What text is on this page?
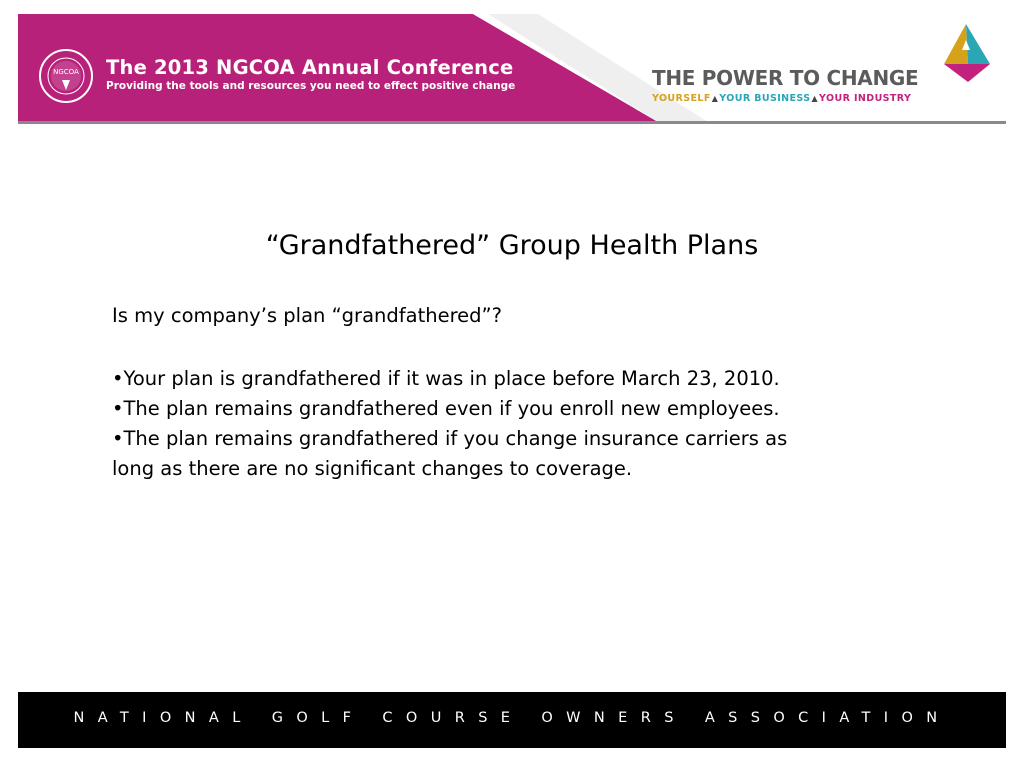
NGCOA The 2013 NGCOA Annual Conference
Providing the tools and resources you need to effect positive change	THE POWER TO CHANGE
YOURSELF▲YOUR BUSINESS▲YOUR INDUSTRY
“Grandfathered” Group Health Plans
Is my company’s plan “grandfathered”?

•Your plan is grandfathered if it was in place before March 23, 2010.

•The plan remains grandfathered even if you enroll new employees.

•The plan remains grandfathered if you change insurance carriers as

long as there are no significant changes to coverage.

NATIONAL GOLF COURSE OWNERS ASSOCIATION
